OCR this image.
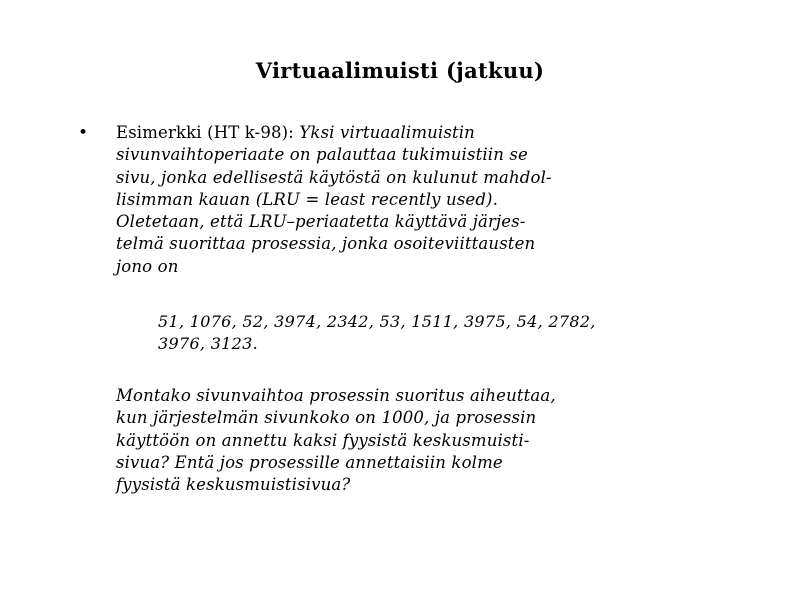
Virtuaalimuisti (jatkuu)
•	Esimerkki (HT k-98): Yksi virtuaalimuistin
sivunvaihtoperiaate on palauttaa tukimuistiin se
sivu, jonka edellisestä käytöstä on kulunut mahdol-
lisimman kauan (LRU = least recently used).
Oletetaan, että LRU–periaatetta käyttävä järjes-
telmä suorittaa prosessia, jonka osoiteviittausten
jono on
51, 1076, 52, 3974, 2342, 53, 1511, 3975, 54, 2782,
3976, 3123.
Montako sivunvaihtoa prosessin suoritus aiheuttaa,
kun järjestelmän sivunkoko on 1000, ja prosessin
käyttöön on annettu kaksi fyysistä keskusmuisti-
sivua? Entä jos prosessille annettaisiin kolme
fyysistä keskusmuistisivua?
